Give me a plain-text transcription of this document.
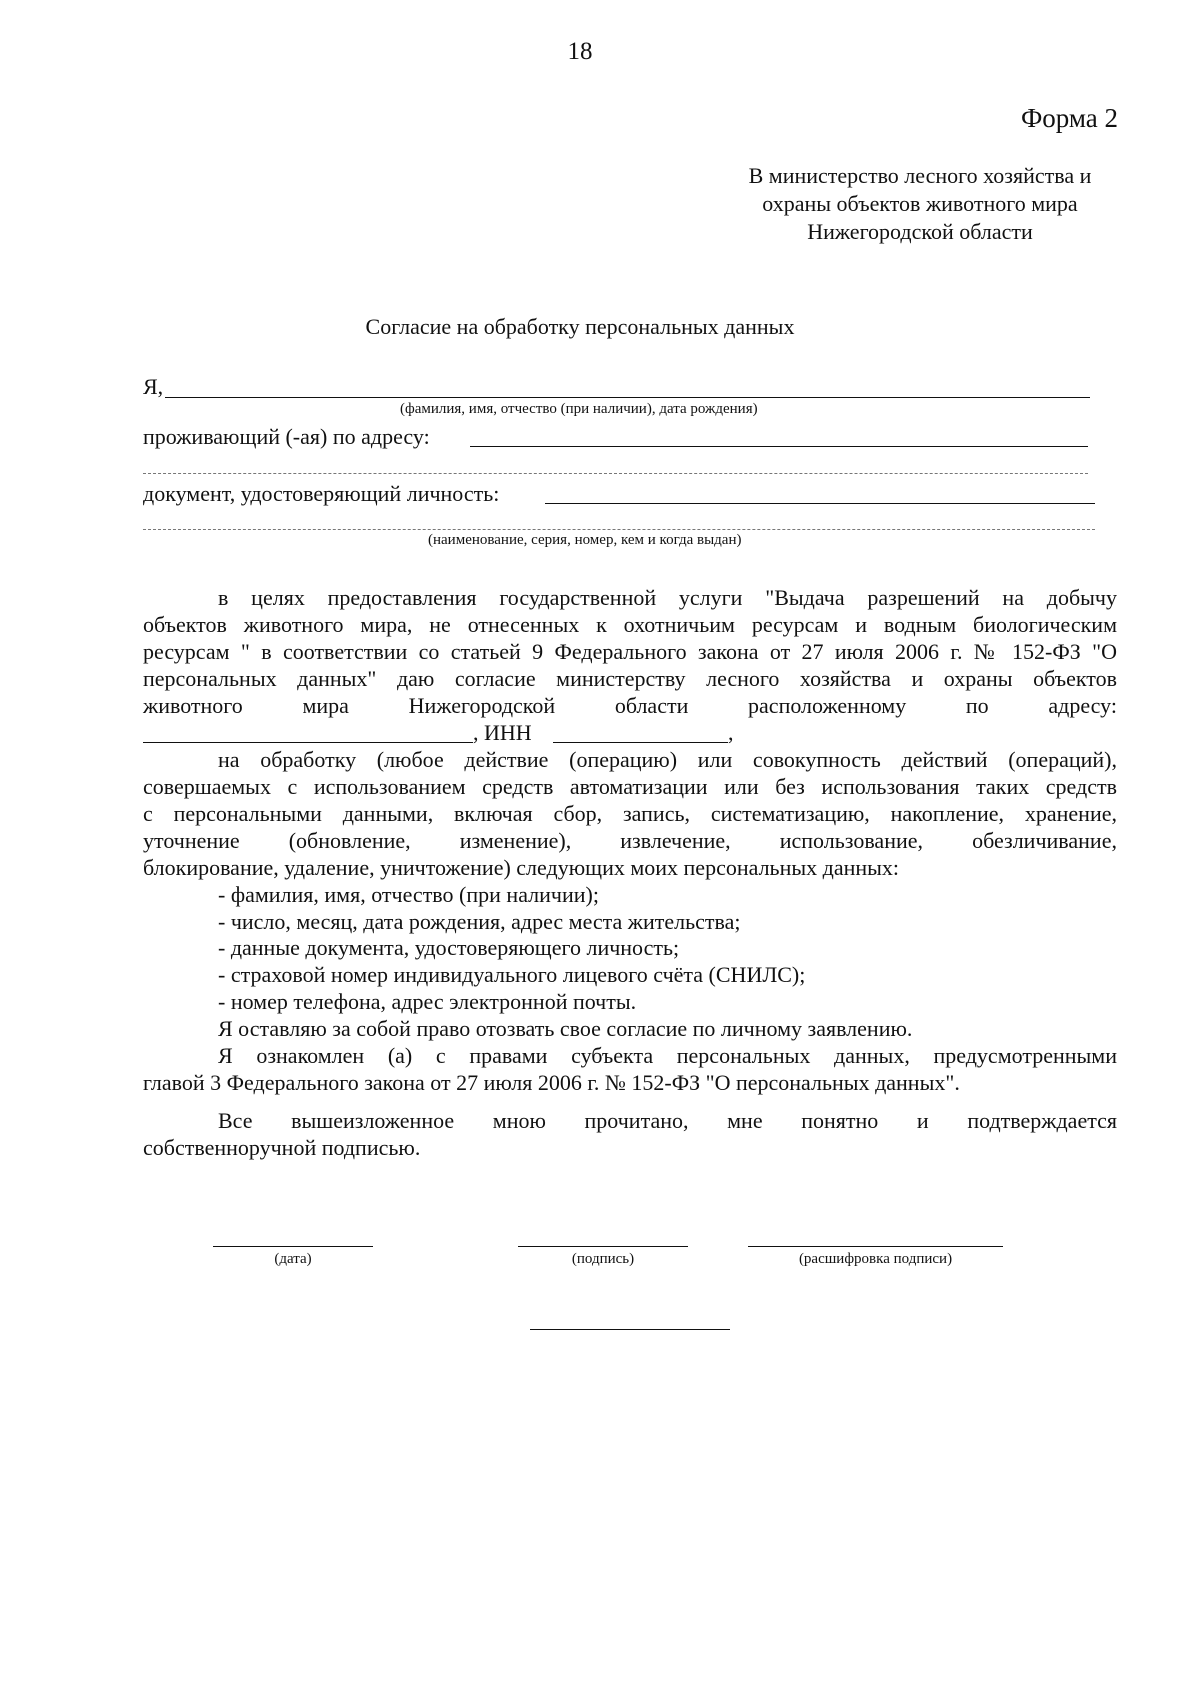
18
Форма 2
В министерство лесного хозяйства и
охраны объектов животного мира
Нижегородской области
Согласие на обработку персональных данных
Я,
(фамилия, имя, отчество (при наличии), дата рождения)
проживающий (-ая) по адресу:
документ, удостоверяющий личность:
(наименование, серия, номер, кем и когда выдан)
в целях предоставления государственной услуги "Выдача разрешений на добычу
объектов животного мира, не отнесенных к охотничьим ресурсам и водным биологическим
ресурсам " в соответствии со статьей 9 Федерального закона от 27 июля 2006 г. № 152-ФЗ "О
персональных данных" даю согласие министерству лесного хозяйства и охраны объектов
животного	мира	Нижегородской	области	расположенному	по	адресу:
, ИНН	,
на обработку (любое действие (операцию) или совокупность действий (операций),
совершаемых с использованием средств автоматизации или без использования таких средств
с персональными данными, включая сбор, запись, систематизацию, накопление, хранение,
уточнение (обновление, изменение), извлечение, использование, обезличивание,
блокирование, удаление, уничтожение) следующих моих персональных данных:
- фамилия, имя, отчество (при наличии);
- число, месяц, дата рождения, адрес места жительства;
- данные документа, удостоверяющего личность;
- страховой номер индивидуального лицевого счёта (СНИЛС);
- номер телефона, адрес электронной почты.
Я оставляю за собой право отозвать свое согласие по личному заявлению.
Я ознакомлен (а) с правами субъекта персональных данных, предусмотренными
главой 3 Федерального закона от 27 июля 2006 г. № 152-ФЗ "О персональных данных".
Все вышеизложенное мною прочитано, мне понятно и подтверждается
собственноручной подписью.
(дата)	(подпись)	(расшифровка подписи)
